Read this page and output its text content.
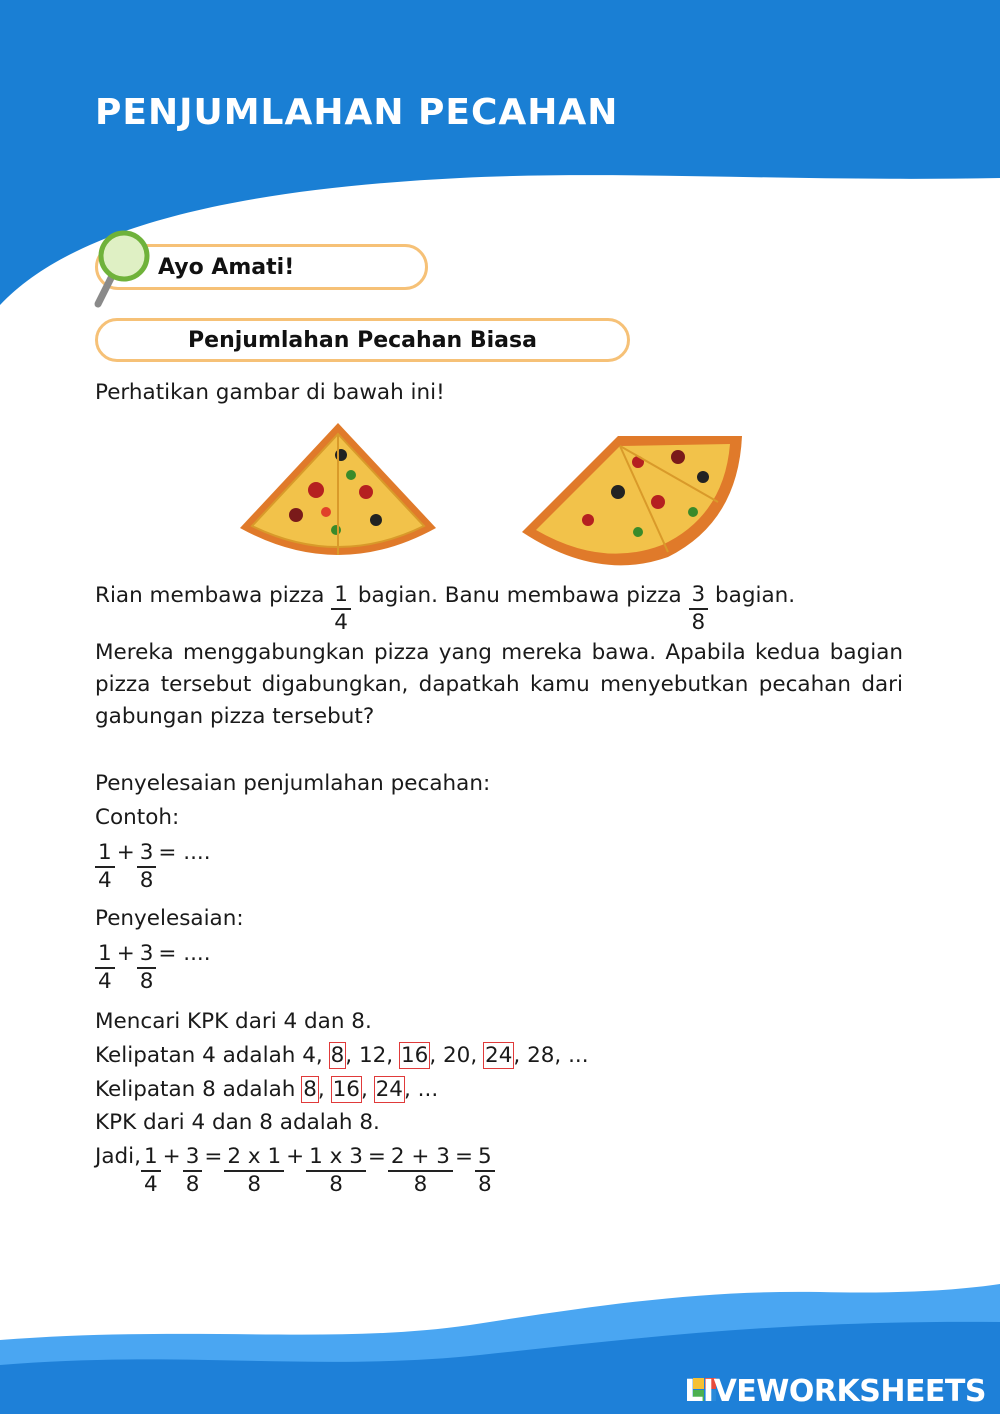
PENJUMLAHAN PECAHAN
Ayo Amati!
Penjumlahan Pecahan Biasa
Perhatikan gambar di bawah ini!
Rian membawa pizza $\frac{1}{4}$ bagian. Banu membawa pizza $\frac{3}{8}$ bagian.
Mereka menggabungkan pizza yang mereka bawa. Apabila kedua bagian pizza tersebut digabungkan, dapatkah kamu menyebutkan pecahan dari gabungan pizza tersebut?
Penyelesaian penjumlahan pecahan:
Contoh:
$\frac{1}{4} + \frac{3}{8}$ = ....
Penyelesaian:
$\frac{1}{4} + \frac{3}{8}$ = ....
Mencari KPK dari 4 dan 8.
Kelipatan 4 adalah 4, 8, 12, 16, 20, 24, 28, ...
Kelipatan 8 adalah 8, 16, 24, ...
KPK dari 4 dan 8 adalah 8.
Jadi, $\frac{1}{4} + \frac{3}{8} = \frac{2 x 1}{8} + \frac{1 x 3}{8} = \frac{2 + 3}{8} = \frac{5}{8}$
LIVEWORKSHEETS
